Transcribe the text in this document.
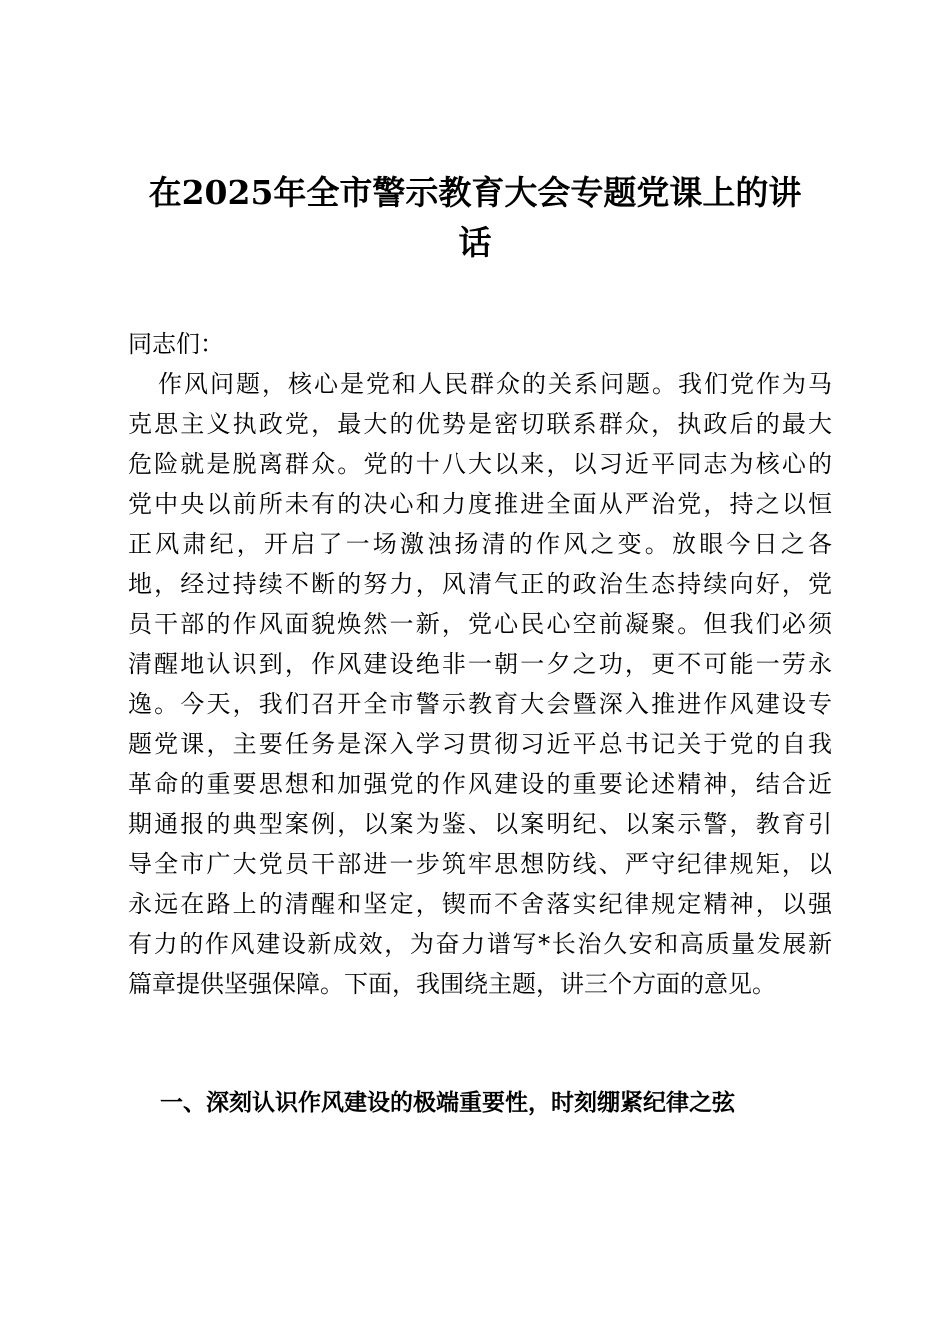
在2025年全市警示教育大会专题党课上的讲
话
同志们：
作风问题，核心是党和人民群众的关系问题。我们党作为马
克思主义执政党，最大的优势是密切联系群众，执政后的最大
危险就是脱离群众。党的十八大以来，以习近平同志为核心的
党中央以前所未有的决心和力度推进全面从严治党，持之以恒
正风肃纪，开启了一场激浊扬清的作风之变。放眼今日之各
地，经过持续不断的努力，风清气正的政治生态持续向好，党
员干部的作风面貌焕然一新，党心民心空前凝聚。但我们必须
清醒地认识到，作风建设绝非一朝一夕之功，更不可能一劳永
逸。今天，我们召开全市警示教育大会暨深入推进作风建设专
题党课，主要任务是深入学习贯彻习近平总书记关于党的自我
革命的重要思想和加强党的作风建设的重要论述精神，结合近
期通报的典型案例，以案为鉴、以案明纪、以案示警，教育引
导全市广大党员干部进一步筑牢思想防线、严守纪律规矩，以
永远在路上的清醒和坚定，锲而不舍落实纪律规定精神，以强
有力的作风建设新成效，为奋力谱写*长治久安和高质量发展新
篇章提供坚强保障。下面，我围绕主题，讲三个方面的意见。
一、深刻认识作风建设的极端重要性，时刻绷紧纪律之弦
